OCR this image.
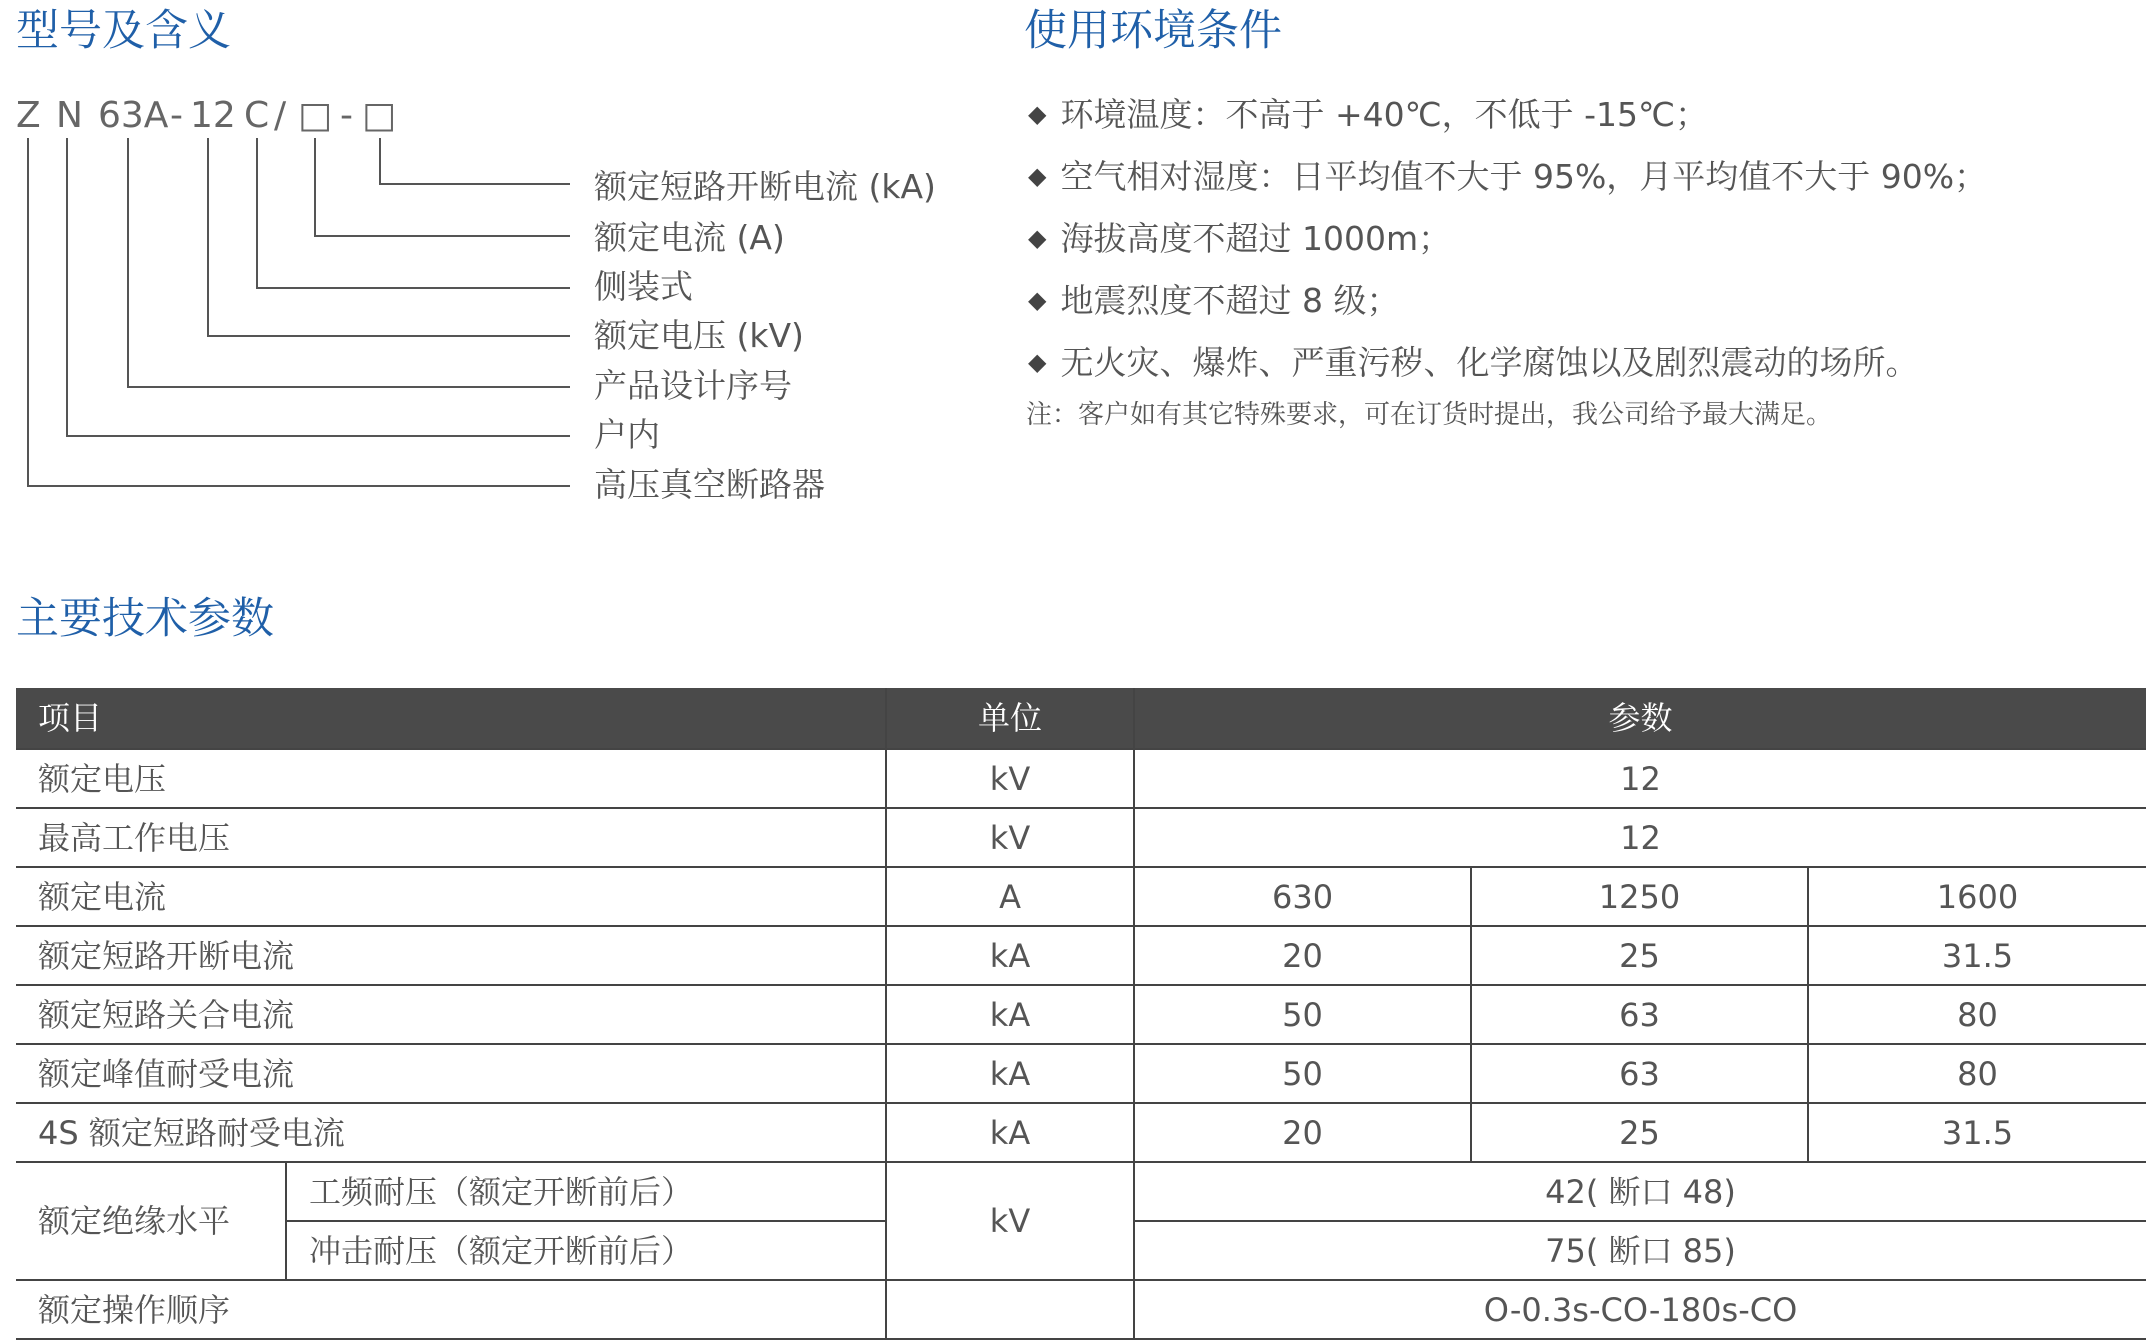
型号及含义
Z N 63A - 12 C / □ - □
额定短路开断电流 (kA)
额定电流 (A)
侧装式
额定电压 (kV)
产品设计序号
户内
高压真空断路器
使用环境条件
◆ 环境温度：不高于 +40℃，不低于 -15℃；
◆ 空气相对湿度：日平均值不大于 95%，月平均值不大于 90%；
◆ 海拔高度不超过 1000m；
◆ 地震烈度不超过 8 级；
◆ 无火灾、爆炸、严重污秽、化学腐蚀以及剧烈震动的场所。
注：客户如有其它特殊要求，可在订货时提出，我公司给予最大满足。
主要技术参数
项目		单位	参数		
额定电压		kV	12		
最高工作电压		kV	12		
额定电流		A	630	1250	1600
额定短路开断电流		kA	20	25	31.5
额定短路关合电流		kA	50	63	80
额定峰值耐受电流		kA	50	63	80
4S 额定短路耐受电流		kA	20	25	31.5
额定绝缘水平	工频耐压（额定开断前后）	kV	42( 断口 48)		
	冲击耐压（额定开断前后）		75( 断口 85)		
额定操作顺序			O-0.3s-CO-180s-CO		
